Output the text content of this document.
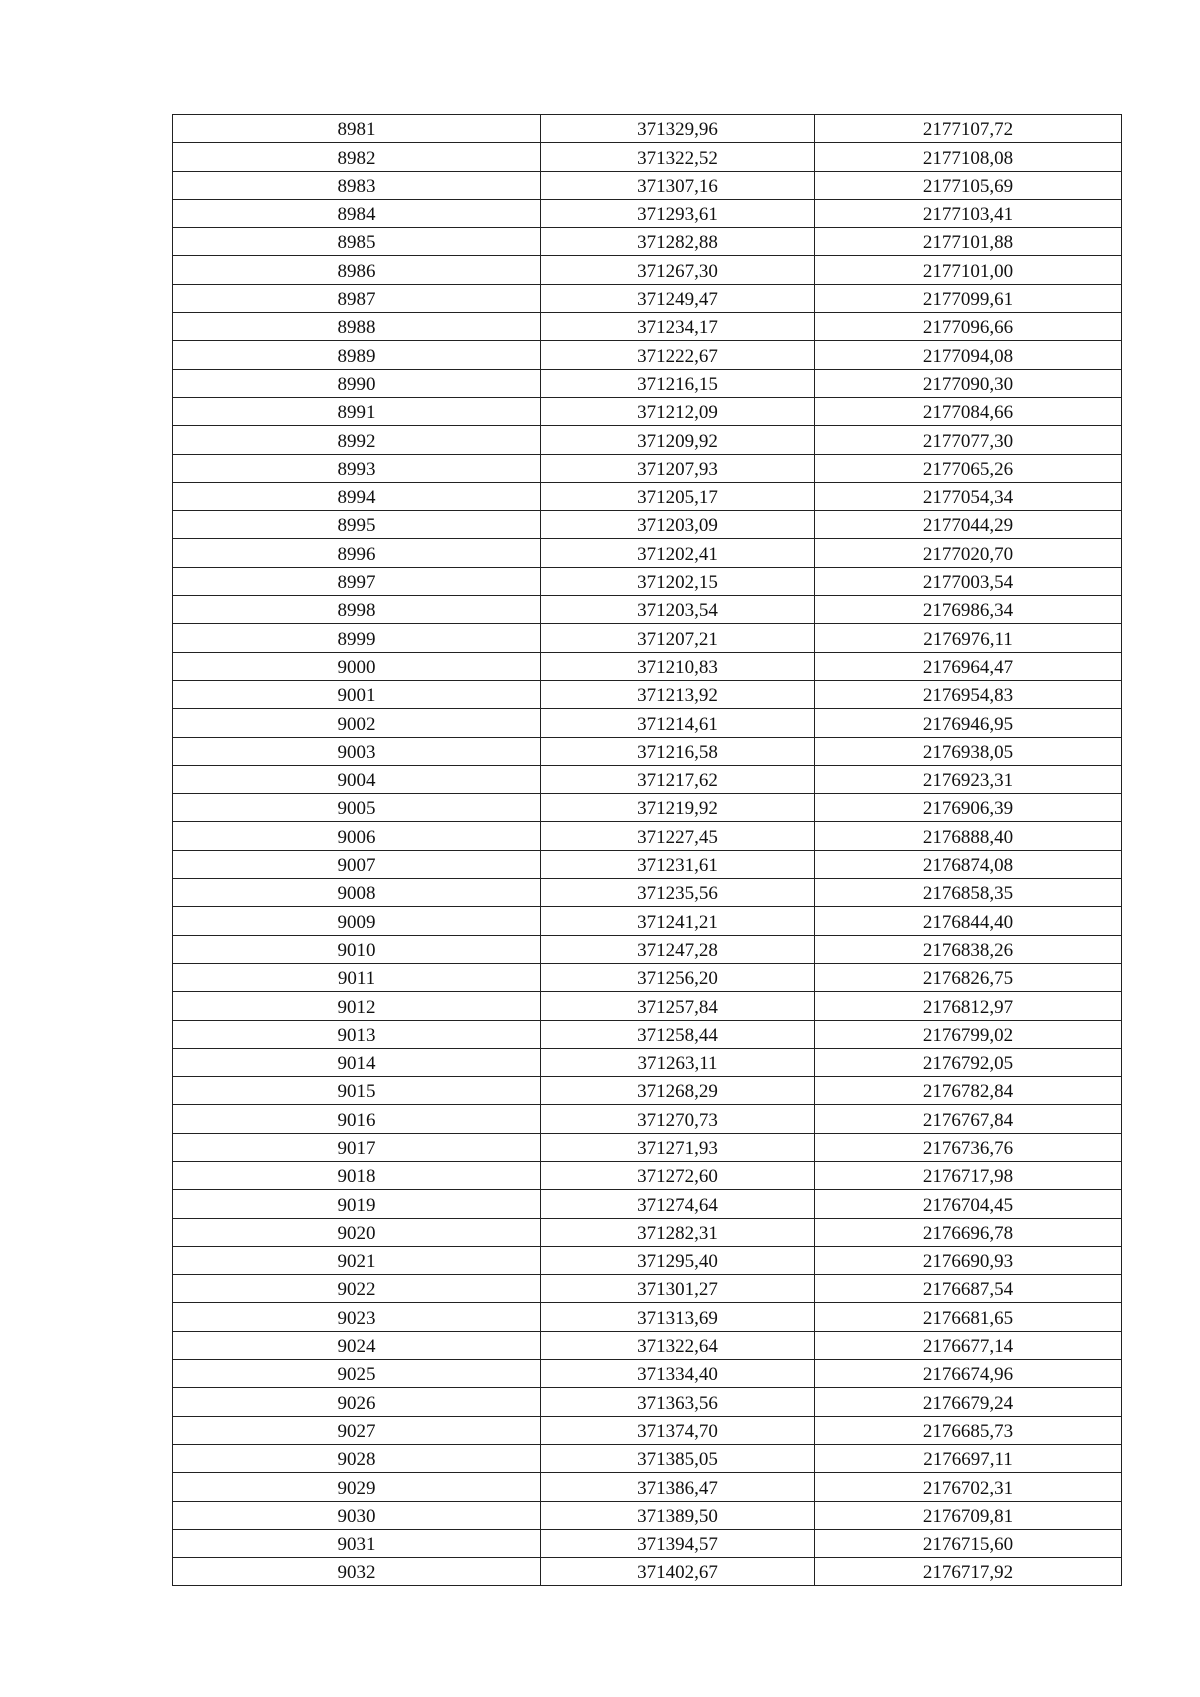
8981	371329,96	2177107,72
8982	371322,52	2177108,08
8983	371307,16	2177105,69
8984	371293,61	2177103,41
8985	371282,88	2177101,88
8986	371267,30	2177101,00
8987	371249,47	2177099,61
8988	371234,17	2177096,66
8989	371222,67	2177094,08
8990	371216,15	2177090,30
8991	371212,09	2177084,66
8992	371209,92	2177077,30
8993	371207,93	2177065,26
8994	371205,17	2177054,34
8995	371203,09	2177044,29
8996	371202,41	2177020,70
8997	371202,15	2177003,54
8998	371203,54	2176986,34
8999	371207,21	2176976,11
9000	371210,83	2176964,47
9001	371213,92	2176954,83
9002	371214,61	2176946,95
9003	371216,58	2176938,05
9004	371217,62	2176923,31
9005	371219,92	2176906,39
9006	371227,45	2176888,40
9007	371231,61	2176874,08
9008	371235,56	2176858,35
9009	371241,21	2176844,40
9010	371247,28	2176838,26
9011	371256,20	2176826,75
9012	371257,84	2176812,97
9013	371258,44	2176799,02
9014	371263,11	2176792,05
9015	371268,29	2176782,84
9016	371270,73	2176767,84
9017	371271,93	2176736,76
9018	371272,60	2176717,98
9019	371274,64	2176704,45
9020	371282,31	2176696,78
9021	371295,40	2176690,93
9022	371301,27	2176687,54
9023	371313,69	2176681,65
9024	371322,64	2176677,14
9025	371334,40	2176674,96
9026	371363,56	2176679,24
9027	371374,70	2176685,73
9028	371385,05	2176697,11
9029	371386,47	2176702,31
9030	371389,50	2176709,81
9031	371394,57	2176715,60
9032	371402,67	2176717,92
